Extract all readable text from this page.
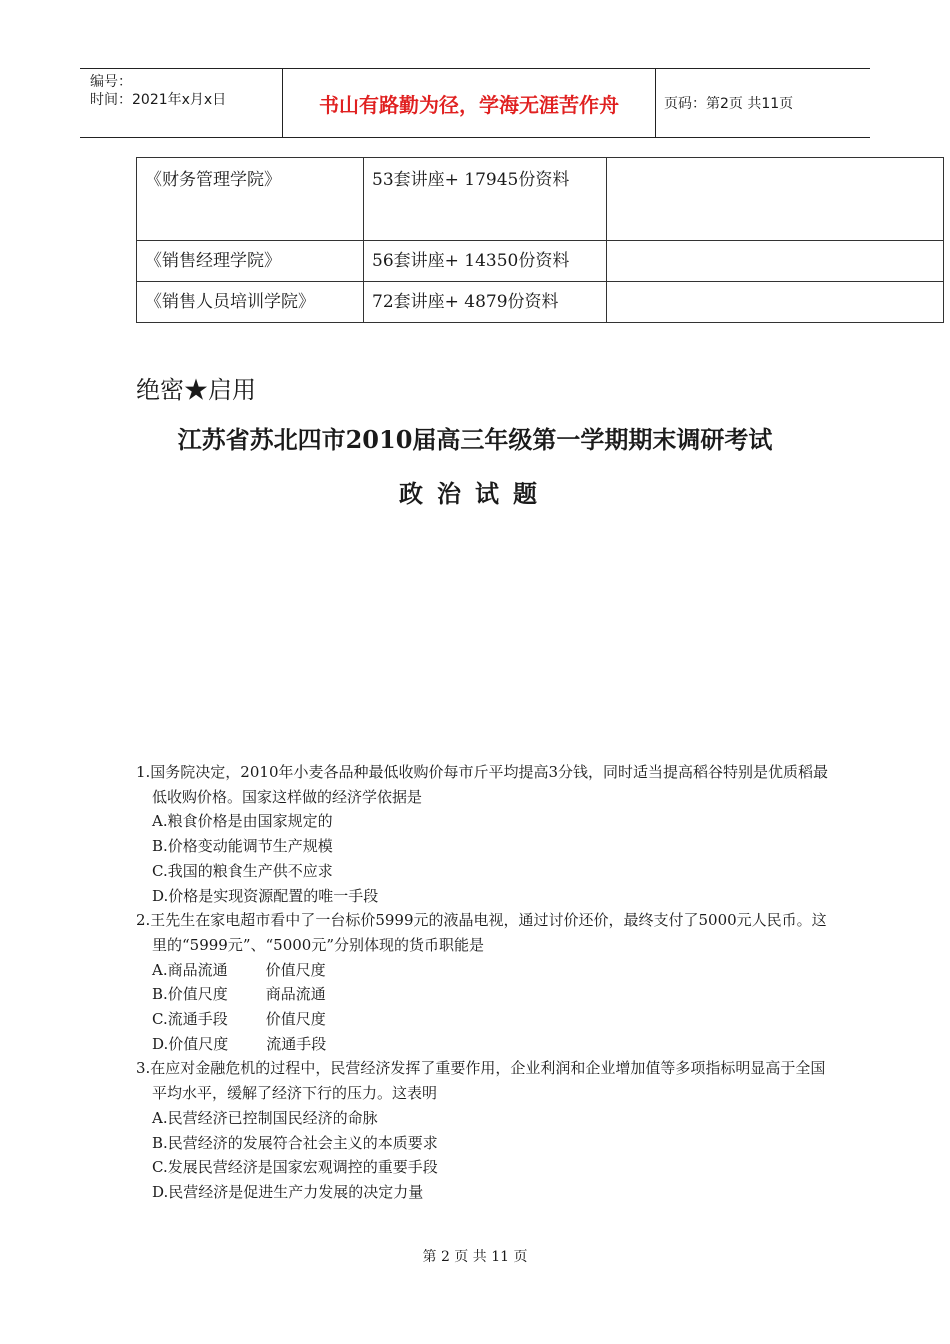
编号：
时间：2021年x月x日	书山有路勤为径，学海无涯苦作舟	页码：第2页 共11页
《财务管理学院》	53套讲座+ 17945份资料	
《销售经理学院》	56套讲座+ 14350份资料	
《销售人员培训学院》	72套讲座+ 4879份资料	
绝密★启用
江苏省苏北四市2010届高三年级第一学期期末调研考试
政治试题
1.国务院决定，2010年小麦各品种最低收购价每市斤平均提高3分钱，同时适当提高稻谷特别是优质稻最低收购价格。国家这样做的经济学依据是
A.粮食价格是由国家规定的
B.价格变动能调节生产规模
C.我国的粮食生产供不应求
D.价格是实现资源配置的唯一手段
2.王先生在家电超市看中了一台标价5999元的液晶电视，通过讨价还价，最终支付了5000元人民币。这里的“5999元”、“5000元”分别体现的货币职能是
A.商品流通	价值尺度
B.价值尺度	商品流通
C.流通手段	价值尺度
D.价值尺度	流通手段
3.在应对金融危机的过程中，民营经济发挥了重要作用，企业利润和企业增加值等多项指标明显高于全国平均水平，缓解了经济下行的压力。这表明
A.民营经济已控制国民经济的命脉
B.民营经济的发展符合社会主义的本质要求
C.发展民营经济是国家宏观调控的重要手段
D.民营经济是促进生产力发展的决定力量
第 2 页 共 11 页
